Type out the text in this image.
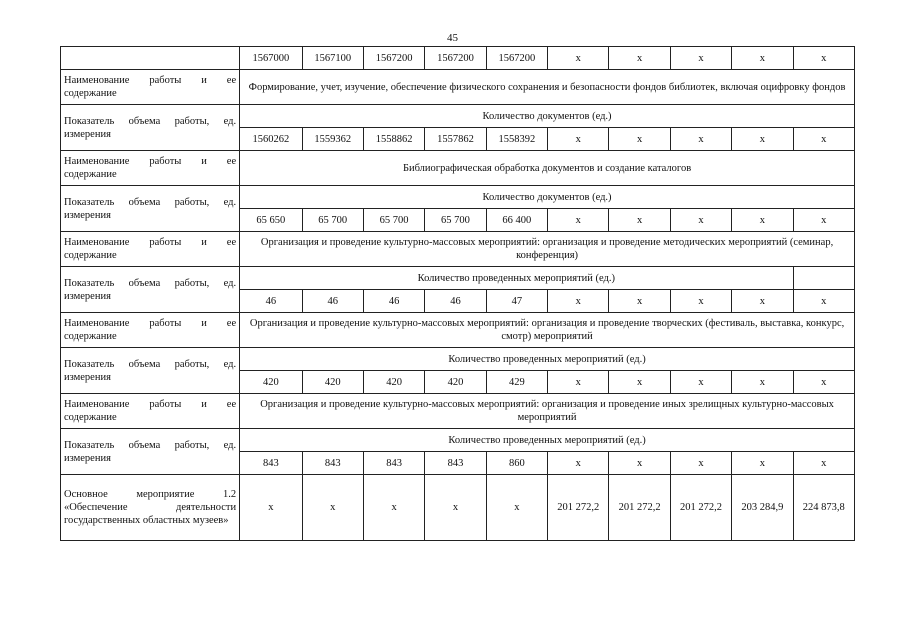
45
	1567000	1567100	1567200	1567200	1567200	x	x	x	x	x
Наименование работы и ее содержание	Формирование, учет, изучение, обеспечение физического сохранения и безопасности фондов библиотек, включая оцифровку фондов									
Показатель объема работы, ед. измерения	Количество документов (ед.)									
	1560262	1559362	1558862	1557862	1558392	x	x	x	x	x
Наименование работы и ее содержание	Библиографическая обработка документов и создание каталогов									
Показатель объема работы, ед. измерения	Количество документов (ед.)									
	65 650	65 700	65 700	65 700	66 400	x	x	x	x	x
Наименование работы и ее содержание	Организация и проведение культурно-массовых мероприятий: организация и проведение методических мероприятий (семинар, конференция)									
Показатель объема работы, ед. измерения	Количество проведенных мероприятий (ед.)									
	46	46	46	46	47	x	x	x	x	x
Наименование работы и ее содержание	Организация и проведение культурно-массовых мероприятий: организация и проведение творческих (фестиваль, выставка, конкурс, смотр) мероприятий									
Показатель объема работы, ед. измерения	Количество проведенных мероприятий (ед.)									
	420	420	420	420	429	x	x	x	x	x
Наименование работы и ее содержание	Организация и проведение культурно-массовых мероприятий: организация и проведение иных зрелищных культурно-массовых мероприятий									
Показатель объема работы, ед. измерения	Количество проведенных мероприятий (ед.)									
	843	843	843	843	860	x	x	x	x	x
Основное мероприятие 1.2 «Обеспечение деятельности государственных областных музеев»	x	x	x	x	x	201 272,2	201 272,2	201 272,2	203 284,9	224 873,8
